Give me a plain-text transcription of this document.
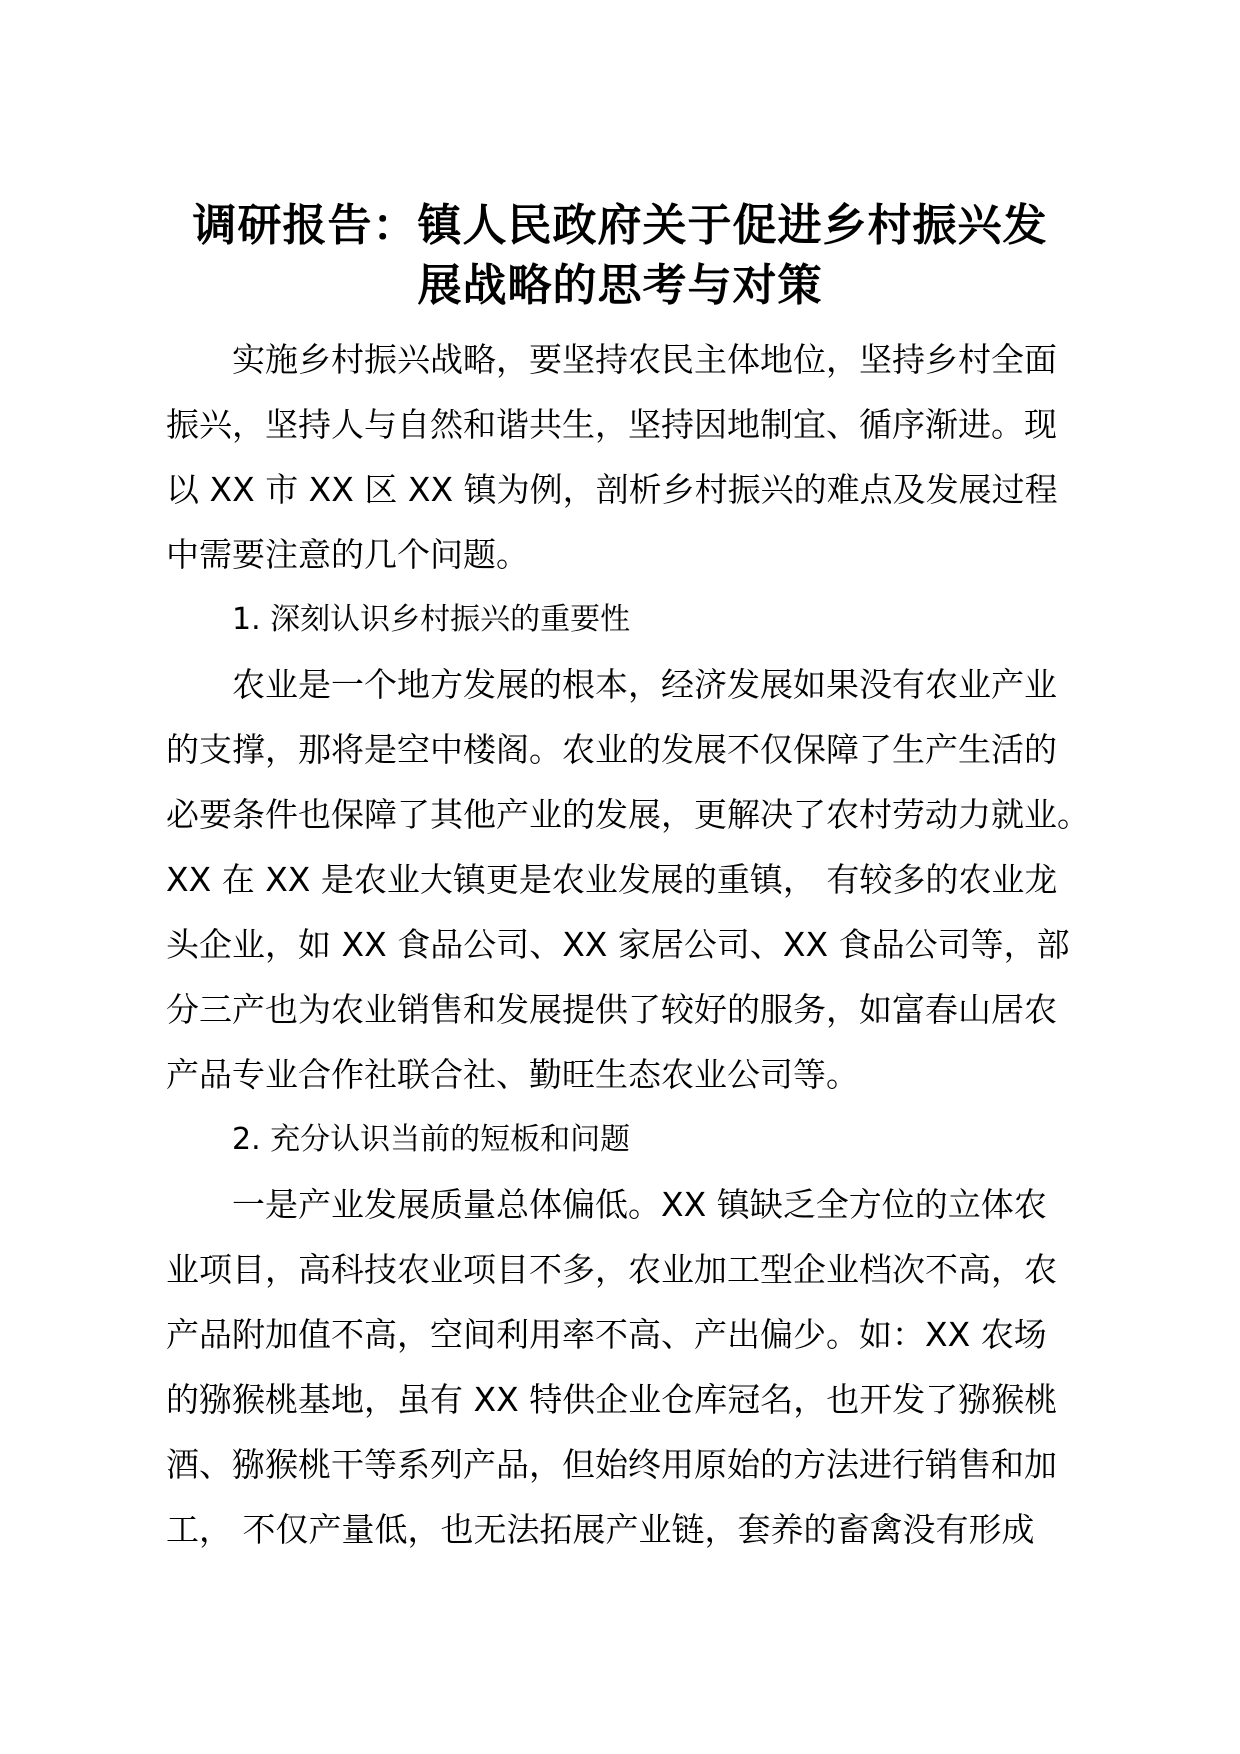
调研报告：镇人民政府关于促进乡村振兴发
展战略的思考与对策
实施乡村振兴战略，要坚持农民主体地位，坚持乡村全面
振兴，坚持人与自然和谐共生，坚持因地制宜、循序渐进。现
以 XX 市 XX 区 XX 镇为例，剖析乡村振兴的难点及发展过程
中需要注意的几个问题。
1. 深刻认识乡村振兴的重要性
农业是一个地方发展的根本，经济发展如果没有农业产业
的支撑，那将是空中楼阁。农业的发展不仅保障了生产生活的
必要条件也保障了其他产业的发展，更解决了农村劳动力就业。
XX 在 XX 是农业大镇更是农业发展的重镇， 有较多的农业龙
头企业，如 XX 食品公司、XX 家居公司、XX 食品公司等，部
分三产也为农业销售和发展提供了较好的服务，如富春山居农
产品专业合作社联合社、勤旺生态农业公司等。
2. 充分认识当前的短板和问题
一是产业发展质量总体偏低。XX 镇缺乏全方位的立体农
业项目，高科技农业项目不多，农业加工型企业档次不高，农
产品附加值不高，空间利用率不高、产出偏少。如：XX 农场
的猕猴桃基地，虽有 XX 特供企业仓库冠名，也开发了猕猴桃
酒、猕猴桃干等系列产品，但始终用原始的方法进行销售和加
工， 不仅产量低，也无法拓展产业链，套养的畜禽没有形成
